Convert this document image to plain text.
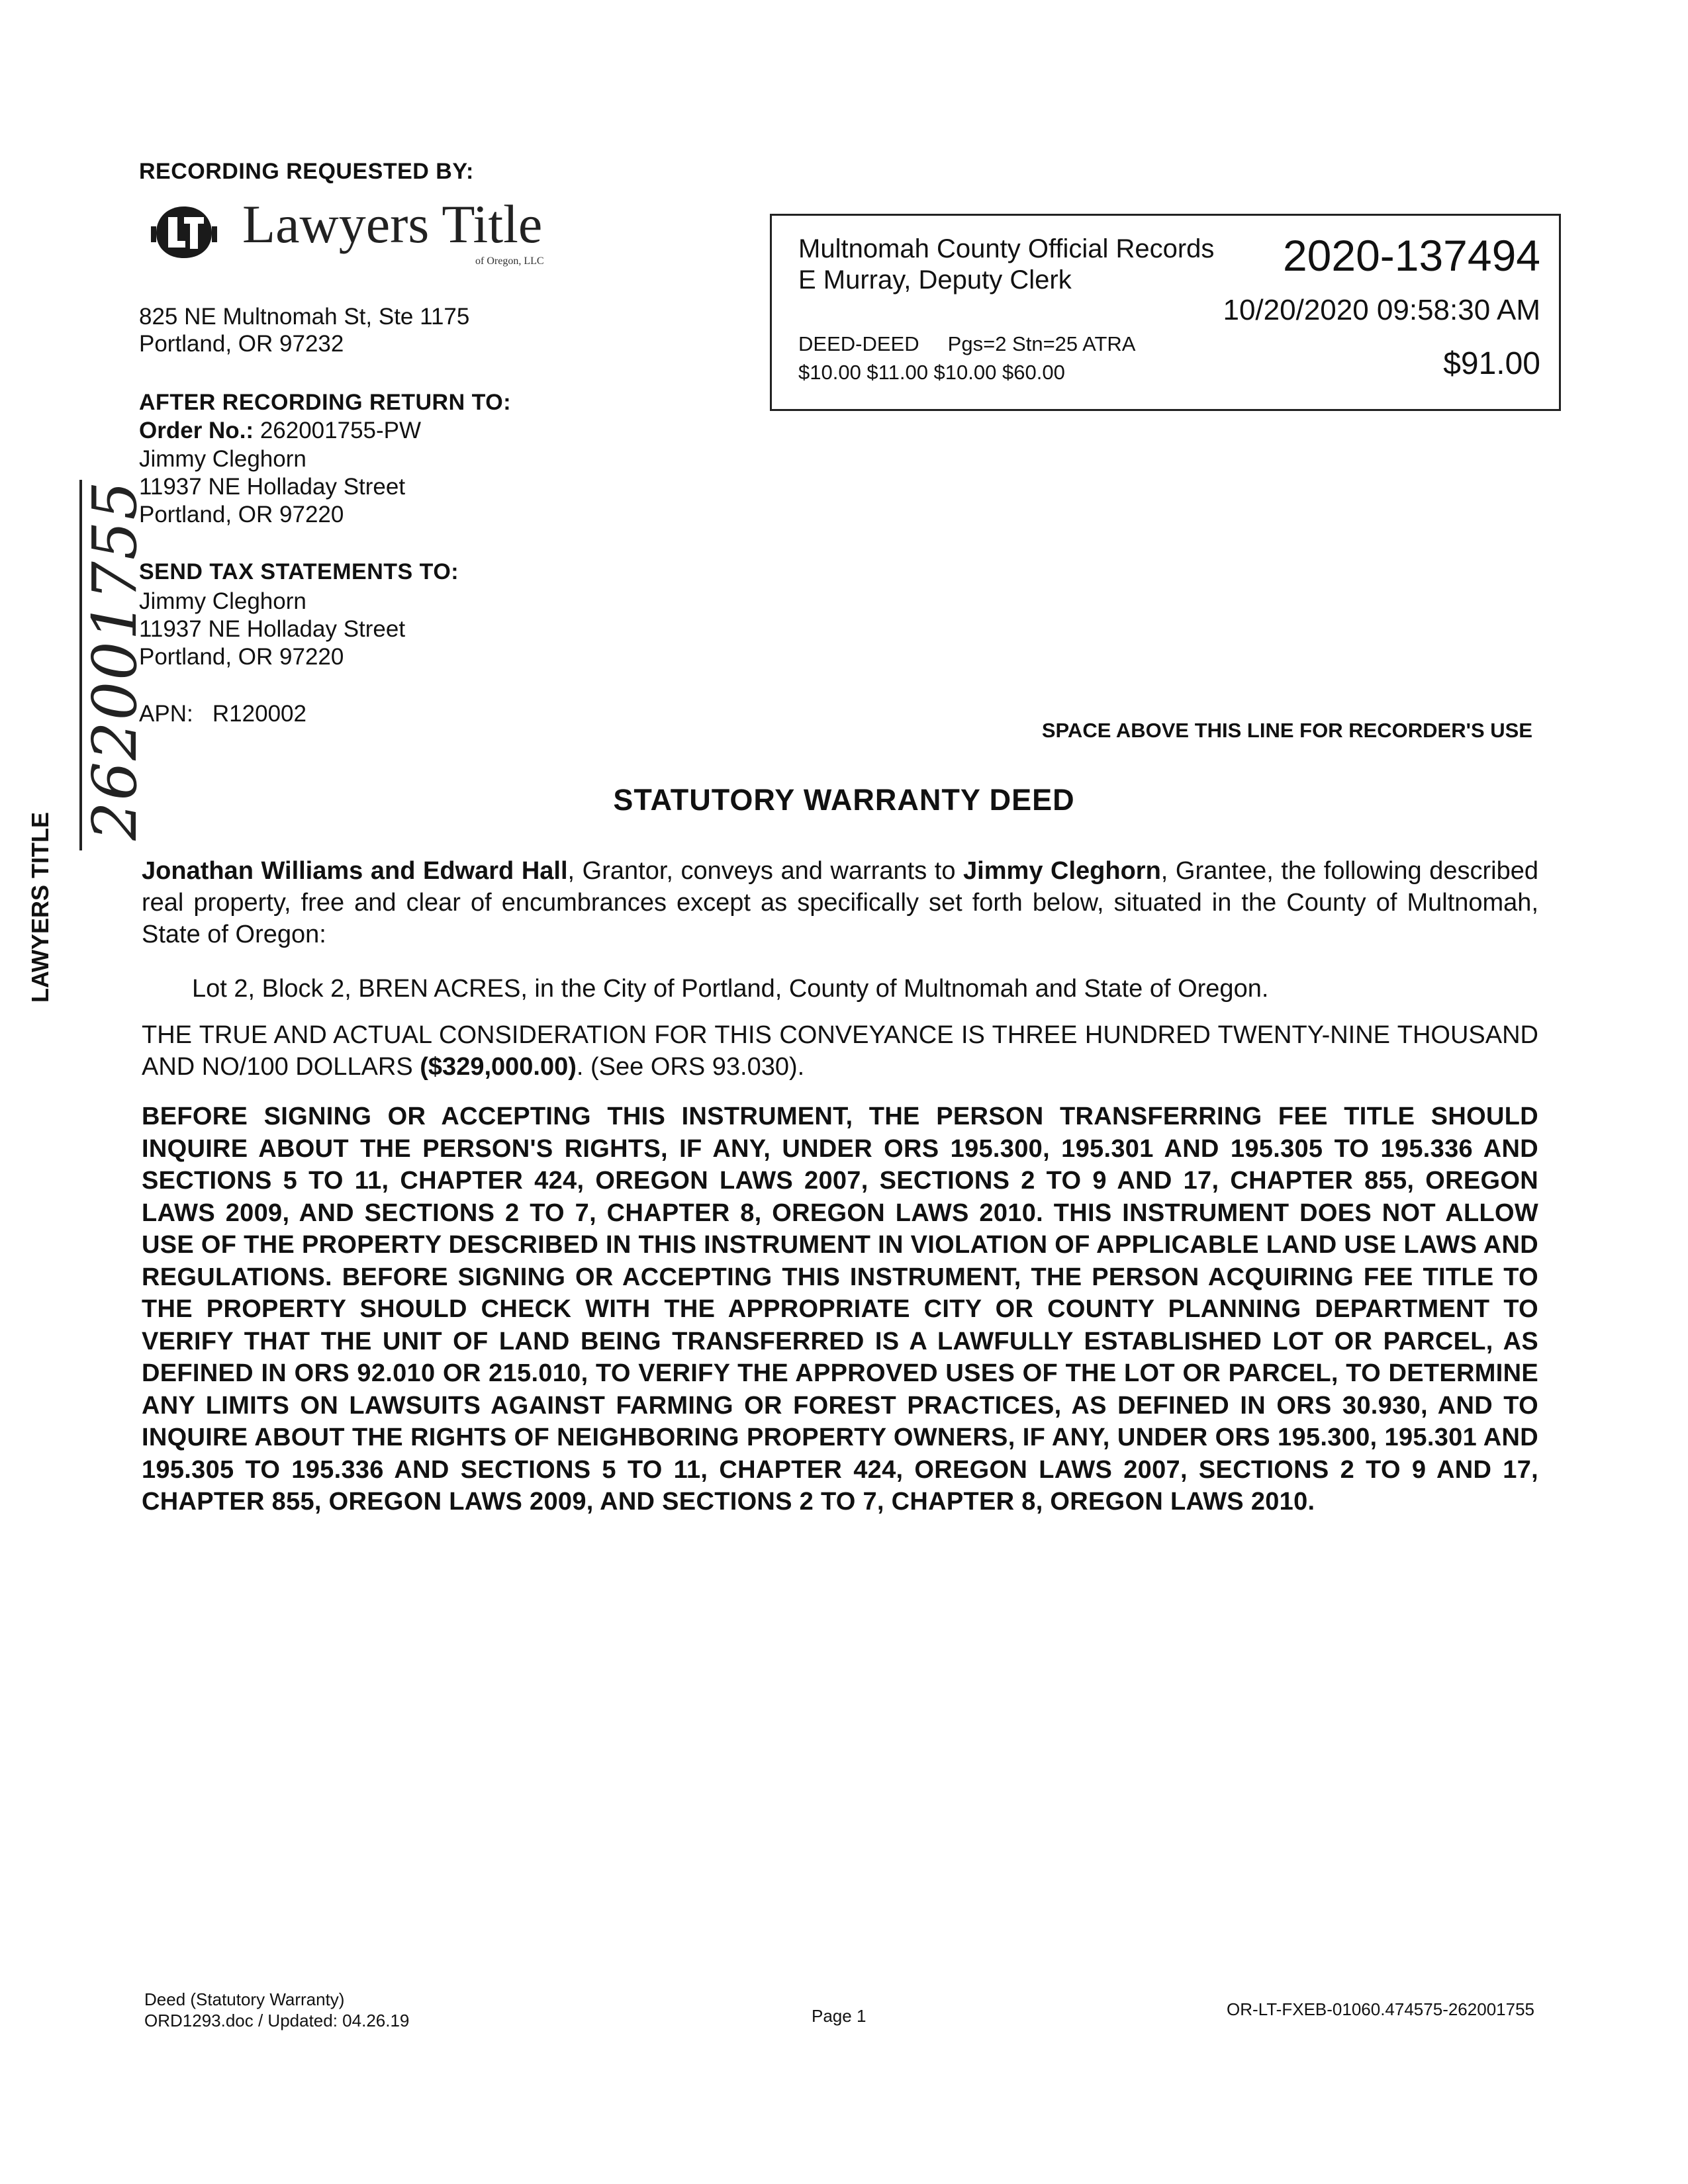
RECORDING REQUESTED BY:
Lawyers Title
of Oregon, LLC
825 NE Multnomah St, Ste 1175
Portland, OR 97232
AFTER RECORDING RETURN TO:
Order No.: 262001755-PW
Jimmy Cleghorn
11937 NE Holladay Street
Portland, OR 97220
SEND TAX STATEMENTS TO:
Jimmy Cleghorn
11937 NE Holladay Street
Portland, OR 97220
APN: R120002
Multnomah County Official Records
E Murray, Deputy Clerk	2020-137494
10/20/2020 09:58:30 AM
DEED-DEED Pgs=2 Stn=25 ATRA
$10.00 $11.00 $10.00 $60.00	$91.00
262001755
LAWYERS TITLE
SPACE ABOVE THIS LINE FOR RECORDER'S USE
STATUTORY WARRANTY DEED
Jonathan Williams and Edward Hall, Grantor, conveys and warrants to Jimmy Cleghorn, Grantee, the following described real property, free and clear of encumbrances except as specifically set forth below, situated in the County of Multnomah, State of Oregon:
Lot 2, Block 2, BREN ACRES, in the City of Portland, County of Multnomah and State of Oregon.
THE TRUE AND ACTUAL CONSIDERATION FOR THIS CONVEYANCE IS THREE HUNDRED TWENTY-NINE THOUSAND AND NO/100 DOLLARS ($329,000.00). (See ORS 93.030).
BEFORE SIGNING OR ACCEPTING THIS INSTRUMENT, THE PERSON TRANSFERRING FEE TITLE SHOULD INQUIRE ABOUT THE PERSON'S RIGHTS, IF ANY, UNDER ORS 195.300, 195.301 AND 195.305 TO 195.336 AND SECTIONS 5 TO 11, CHAPTER 424, OREGON LAWS 2007, SECTIONS 2 TO 9 AND 17, CHAPTER 855, OREGON LAWS 2009, AND SECTIONS 2 TO 7, CHAPTER 8, OREGON LAWS 2010. THIS INSTRUMENT DOES NOT ALLOW USE OF THE PROPERTY DESCRIBED IN THIS INSTRUMENT IN VIOLATION OF APPLICABLE LAND USE LAWS AND REGULATIONS. BEFORE SIGNING OR ACCEPTING THIS INSTRUMENT, THE PERSON ACQUIRING FEE TITLE TO THE PROPERTY SHOULD CHECK WITH THE APPROPRIATE CITY OR COUNTY PLANNING DEPARTMENT TO VERIFY THAT THE UNIT OF LAND BEING TRANSFERRED IS A LAWFULLY ESTABLISHED LOT OR PARCEL, AS DEFINED IN ORS 92.010 OR 215.010, TO VERIFY THE APPROVED USES OF THE LOT OR PARCEL, TO DETERMINE ANY LIMITS ON LAWSUITS AGAINST FARMING OR FOREST PRACTICES, AS DEFINED IN ORS 30.930, AND TO INQUIRE ABOUT THE RIGHTS OF NEIGHBORING PROPERTY OWNERS, IF ANY, UNDER ORS 195.300, 195.301 AND 195.305 TO 195.336 AND SECTIONS 5 TO 11, CHAPTER 424, OREGON LAWS 2007, SECTIONS 2 TO 9 AND 17, CHAPTER 855, OREGON LAWS 2009, AND SECTIONS 2 TO 7, CHAPTER 8, OREGON LAWS 2010.
Deed (Statutory Warranty)
ORD1293.doc / Updated: 04.26.19	Page 1	OR-LT-FXEB-01060.474575-262001755
